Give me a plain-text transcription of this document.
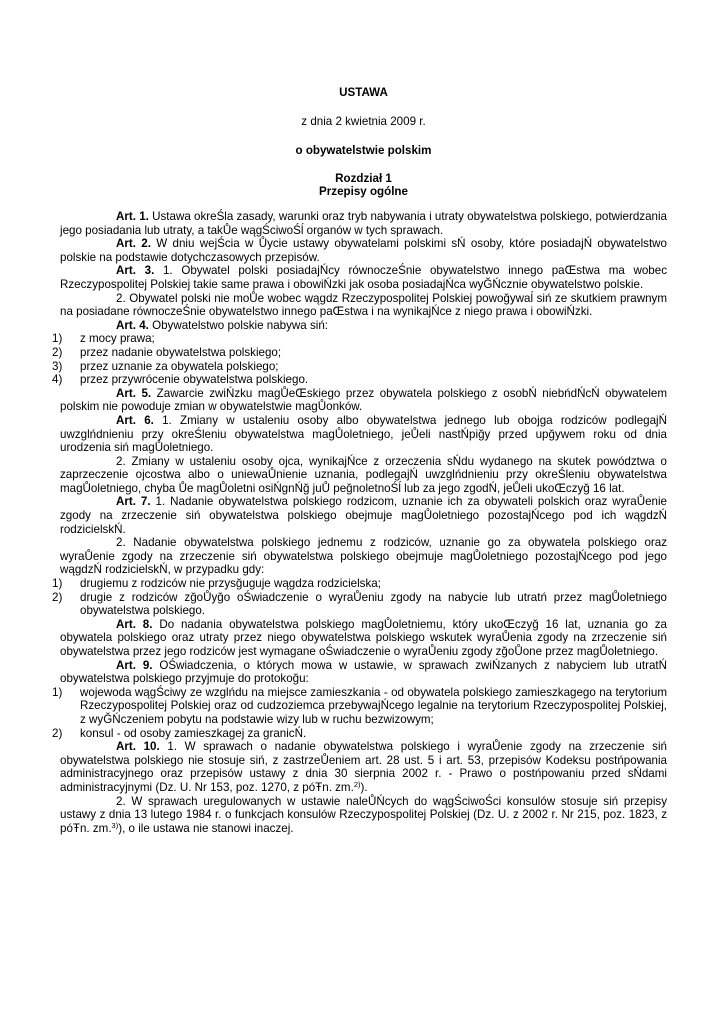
USTAWA
z dnia 2 kwietnia 2009 r.
o obywatelstwie polskim
Rozdział 1
Przepisy ogólne

Art. 1. Ustawa okreŚla zasady, warunki oraz tryb nabywania i utraty obywatelstwa polskiego, potwierdzania jego posiadania lub utraty, a takŮe wągŚciwoŚĺ organów w tych sprawach.

Art. 2. W dniu wejŚcia w Ůycie ustawy obywatelami polskimi sŃ osoby, które posiadajŃ obywatelstwo polskie na podstawie dotychczasowych przepisów.

Art. 3. 1. Obywatel polski posiadajŃcy równoczeŚnie obywatelstwo innego paŒstwa ma wobec Rzeczypospolitej Polskiej takie same prawa i obowiŃzki jak osoba posiadajŃca wyĞŃcznie obywatelstwo polskie.

2. Obywatel polski nie moŮe wobec wągdz Rzeczypospolitej Polskiej powoğywaĺ siń ze skutkiem prawnym na posiadane równoczeŚnie obywatelstwo innego paŒstwa i na wynikajŃce z niego prawa i obowiŃzki.

Art. 4. Obywatelstwo polskie nabywa siń:

1) z mocy prawa;

2) przez nadanie obywatelstwa polskiego;

3) przez uznanie za obywatela polskiego;

4) przez przywrócenie obywatelstwa polskiego.

Art. 5. Zawarcie zwiŃzku magŮeŒskiego przez obywatela polskiego z osobŃ niebńdŃcŃ obywatelem polskim nie powoduje zmian w obywatelstwie magŮonków.

Art. 6. 1. Zmiany w ustaleniu osoby albo obywatelstwa jednego lub obojga rodziców podlegajŃ uwzglńdnieniu przy okreŚleniu obywatelstwa magŮoletniego, jeŮeli nastŃpiğy przed upğywem roku od dnia urodzenia siń magŮoletniego.

2. Zmiany w ustaleniu osoby ojca, wynikajŃce z orzeczenia sŃdu wydanego na skutek powództwa o zaprzeczenie ojcostwa albo o uniewaŮnienie uznania, podlegajŃ uwzglńdnieniu przy okreŚleniu obywatelstwa magŮoletniego, chyba Ůe magŮoletni osiŃgnŃğ juŮ peğnoletnoŚĺ lub za jego zgodŃ, jeŮeli ukoŒczyğ 16 lat.

Art. 7. 1. Nadanie obywatelstwa polskiego rodzicom, uznanie ich za obywateli polskich oraz wyraŮenie zgody na zrzeczenie siń obywatelstwa polskiego obejmuje magŮoletniego pozostajŃcego pod ich wągdzŃ rodzicielskŃ.

2. Nadanie obywatelstwa polskiego jednemu z rodziców, uznanie go za obywatela polskiego oraz wyraŮenie zgody na zrzeczenie siń obywatelstwa polskiego obejmuje magŮoletniego pozostajŃcego pod jego wągdzŃ rodzicielskŃ, w przypadku gdy:

1) drugiemu z rodziców nie przysğuguje wągdza rodzicielska;

2) drugie z rodziców zğoŮyğo oŚwiadczenie o wyraŮeniu zgody na nabycie lub utratń przez magŮoletniego obywatelstwa polskiego.

Art. 8. Do nadania obywatelstwa polskiego magŮoletniemu, który ukoŒczyğ 16 lat, uznania go za obywatela polskiego oraz utraty przez niego obywatelstwa polskiego wskutek wyraŮenia zgody na zrzeczenie siń obywatelstwa przez jego rodziców jest wymagane oŚwiadczenie o wyraŮeniu zgody zğoŮone przez magŮoletniego.

Art. 9. OŚwiadczenia, o których mowa w ustawie, w sprawach zwiŃzanych z nabyciem lub utratŃ obywatelstwa polskiego przyjmuje do protokoğu:

1) wojewoda wągŚciwy ze wzglńdu na miejsce zamieszkania - od obywatela polskiego zamieszkagego na terytorium Rzeczypospolitej Polskiej oraz od cudzoziemca przebywajŃcego legalnie na terytorium Rzeczypospolitej Polskiej, z wyĞŃczeniem pobytu na podstawie wizy lub w ruchu bezwizowym;

2) konsul - od osoby zamieszkagej za granicŃ.

Art. 10. 1. W sprawach o nadanie obywatelstwa polskiego i wyraŮenie zgody na zrzeczenie siń obywatelstwa polskiego nie stosuje siń, z zastrzeŮeniem art. 28 ust. 5 i art. 53, przepisów Kodeksu postńpowania administracyjnego oraz przepisów ustawy z dnia 30 sierpnia 2002 r. - Prawo o postńpowaniu przed sŃdami administracyjnymi (Dz. U. Nr 153, poz. 1270, z póŦn. zm.$^{2)}$).

2. W sprawach uregulowanych w ustawie naleŮŃcych do wągŚciwoŚci konsulów stosuje siń przepisy ustawy z dnia 13 lutego 1984 r. o funkcjach konsulów Rzeczypospolitej Polskiej (Dz. U. z 2002 r. Nr 215, poz. 1823, z póŦn. zm.$^{3)}$), o ile ustawa nie stanowi inaczej.
